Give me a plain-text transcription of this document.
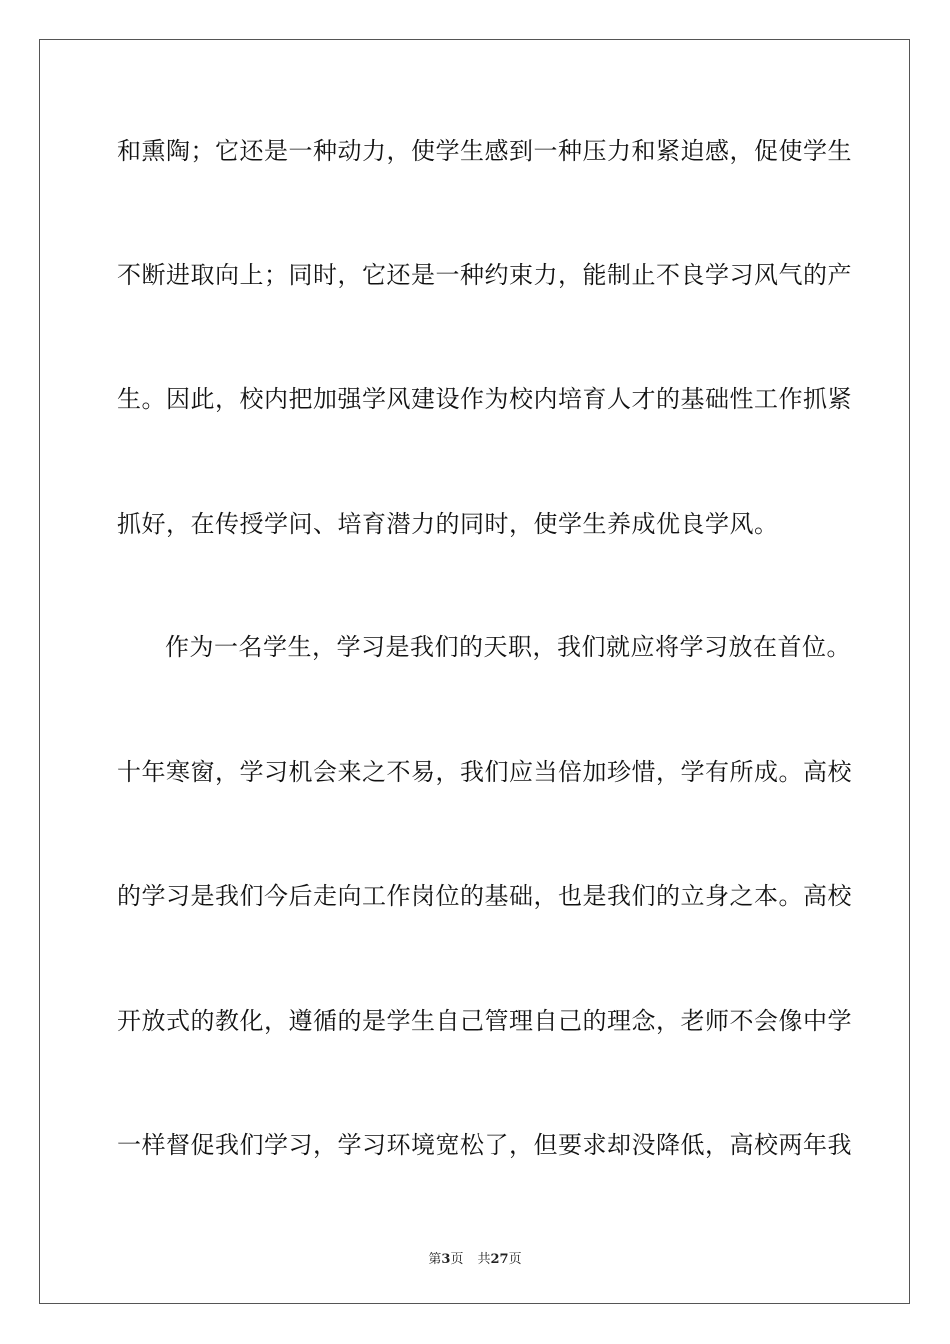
和熏陶；它还是一种动力，使学生感到一种压力和紧迫感，促使学生
不断进取向上；同时，它还是一种约束力，能制止不良学习风气的产
生。因此，校内把加强学风建设作为校内培育人才的基础性工作抓紧
抓好，在传授学问、培育潜力的同时，使学生养成优良学风。
作为一名学生，学习是我们的天职，我们就应将学习放在首位。
十年寒窗，学习机会来之不易，我们应当倍加珍惜，学有所成。高校
的学习是我们今后走向工作岗位的基础，也是我们的立身之本。高校
开放式的教化，遵循的是学生自己管理自己的理念，老师不会像中学
一样督促我们学习，学习环境宽松了，但要求却没降低，高校两年我
第3页 共27页
